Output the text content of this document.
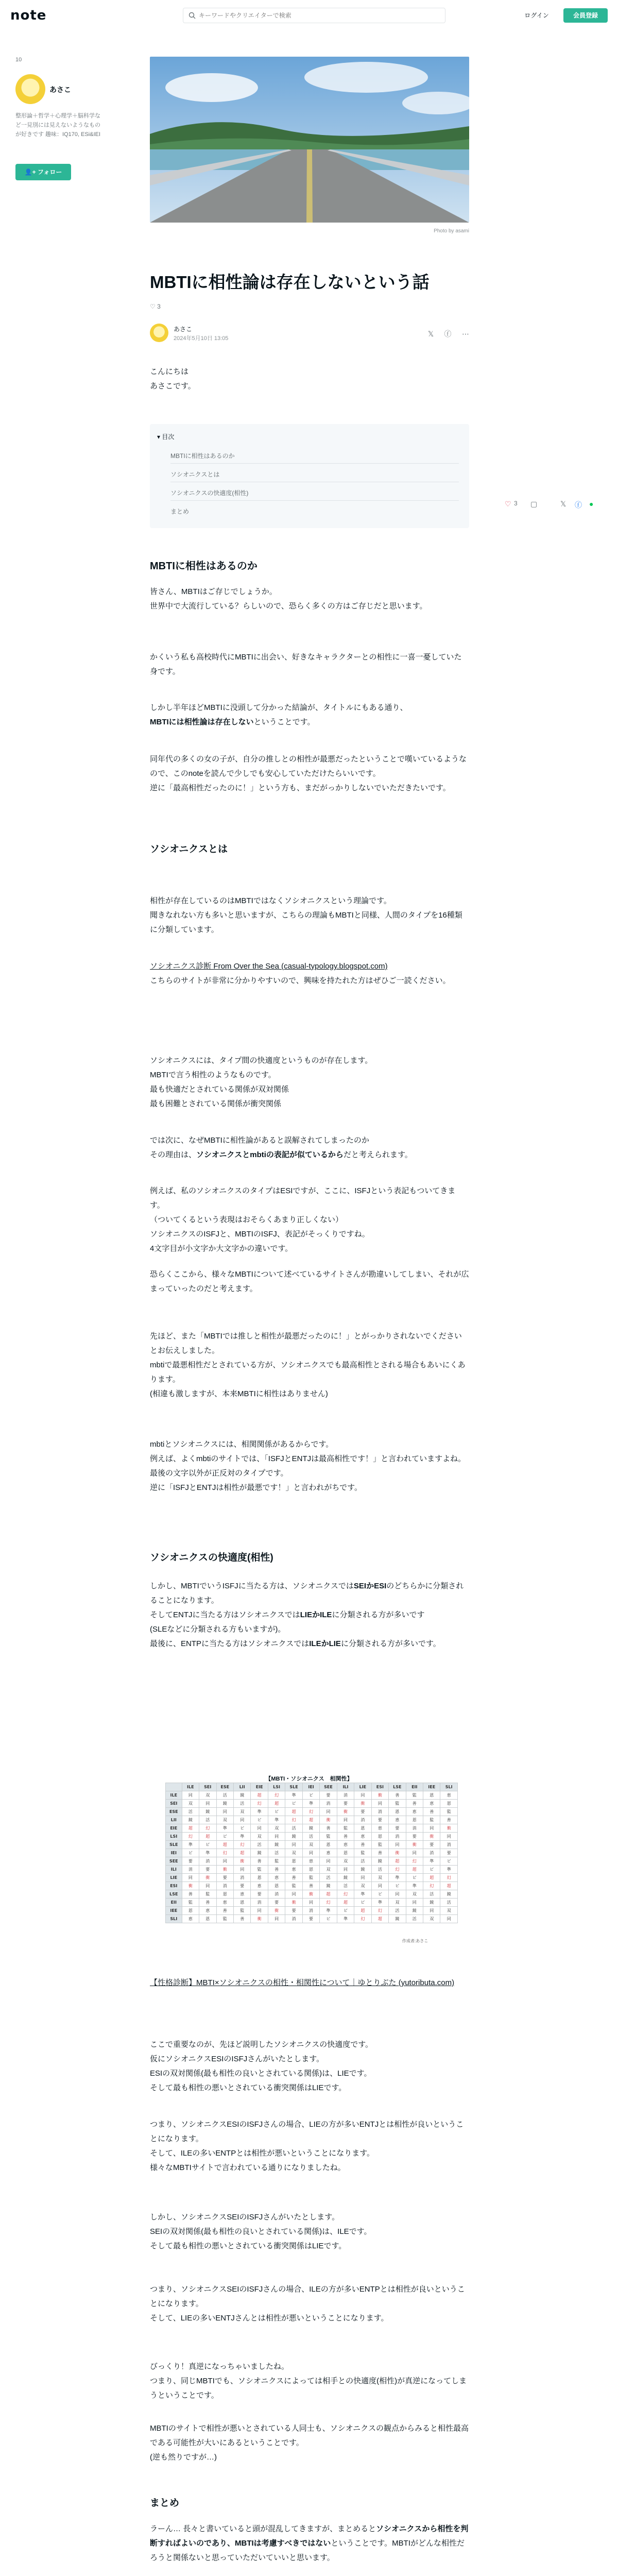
note
キーワードやクリエイターで検索	ログイン	会員登録
10
あさこ
整形論＋哲学＋心理学＋脳科学など一見別には見えないようなものが好きです 趣味：IQ170, ESi&IEI
👤+ フォロー
Photo by asami
MBTIに相性論は存在しないという話
♡ 3
あさこ
2024年5月10日 13:05
𝕏 ⓕ ⋯
こんにちは
あさこです。
▾ 目次
MBTIに相性はあるのか
ソシオニクスとは
ソシオニクスの快適度(相性)
まとめ
♡ 3 ▢	𝕏 ⓕ ●
MBTIに相性はあるのか
皆さん、MBTIはご存じでしょうか。
世界中で大流行している？らしいので、恐らく多くの方はご存じだと思います。
かくいう私も高校時代にMBTIに出会い、好きなキャラクターとの相性に一喜一憂していた身です。
しかし半年ほどMBTIに没頭して分かった結論が、タイトルにもある通り、
MBTIには相性論は存在しないということです。
同年代の多くの女の子が、自分の推しとの相性が最悪だったということで嘆いているようなので、このnoteを読んで少しでも安心していただけたらいいです。
逆に「最高相性だったのに！」という方も、まだがっかりしないでいただきたいです。
ソシオニクスとは
相性が存在しているのはMBTIではなくソシオニクスという理論です。
聞きなれない方も多いと思いますが、こちらの理論もMBTIと同様、人間のタイプを16種類に分類しています。
ソシオニクス診断 From Over the Sea (casual-typology.blogspot.com)
こちらのサイトが非常に分かりやすいので、興味を持たれた方はぜひご一読ください。
ソシオニクスには、タイプ間の快適度というものが存在します。
MBTIで言う相性のようなものです。
最も快適だとされている関係が双対関係
最も困難とされている関係が衝突関係
では次に、なぜMBTIに相性論があると誤解されてしまったのか
その理由は、ソシオニクスとmbtiの表記が似ているからだと考えられます。
例えば、私のソシオニクスのタイプはESIですが、ここに、ISFJという表記もついてきます。
（ついてくるという表現はおそらくあまり正しくない）
ソシオニクスのISFJと、MBTIのISFJ、表記がそっくりですね。
4文字目が小文字か大文字かの違いです。
恐らくここから、様々なMBTIについて述べているサイトさんが勘違いしてしまい、それが広まっていったのだと考えます。
先ほど、また「MBTIでは推しと相性が最悪だったのに！」とがっかりされないでくださいとお伝えしました。
mbtiで最悪相性だとされている方が、ソシオニクスでも最高相性とされる場合もあいにくあります。
(相違も激しますが、本来MBTIに相性はありません)
mbtiとソシオニクスには、相関関係があるからです。
例えば、よくmbtiのサイトでは、「ISFJとENTJは最高相性です！」と言われていますよね。最後の文字以外が正反対のタイプです。
逆に「ISFJとENTJは相性が最悪です！」と言われがちです。
ソシオニクスの快適度(相性)
しかし、MBTIでいうISFJに当たる方は、ソシオニクスではSEIかESIのどちらかに分類されることになります。
そしてENTJに当たる方はソシオニクスではLIEかILEに分類される方が多いです
(SLEなどに分類される方もいますが)。
最後に、ENTPに当たる方はソシオニクスではILEかLIEに分類される方が多いです。
【MBTI・ソシオニクス　相関性】
	ILE	SEI	ESE	LII	EIE	LSI	SLE	IEI	SEE	ILI	LIE	ESI	LSE	EII	IEE	SLI
ILE	同	双	活	鏡	超	幻	準	ビ	要	消	同	衝	善	監	恩	恵
SEI	双	同	鏡	活	幻	超	ビ	準	消	要	衝	同	監	善	恵	恩
ESE	活	鏡	同	双	準	ビ	超	幻	同	衝	要	消	恩	恵	善	監
LII	鏡	活	双	同	ビ	準	幻	超	衝	同	消	要	恵	恩	監	善
EIE	超	幻	準	ビ	同	双	活	鏡	善	監	恩	恵	要	消	同	衝
LSI	幻	超	ビ	準	双	同	鏡	活	監	善	恵	恩	消	要	衝	同
SLE	準	ビ	超	幻	活	鏡	同	双	恩	恵	善	監	同	衝	要	消
IEI	ビ	準	幻	超	鏡	活	双	同	恵	恩	監	善	衝	同	消	要
SEE	要	消	同	衝	善	監	恩	恵	同	双	活	鏡	超	幻	準	ビ
ILI	消	要	衝	同	監	善	恵	恩	双	同	鏡	活	幻	超	ビ	準
LIE	同	衝	要	消	恩	恵	善	監	活	鏡	同	双	準	ビ	超	幻
ESI	衝	同	消	要	恵	恩	監	善	鏡	活	双	同	ビ	準	幻	超
LSE	善	監	恩	恵	要	消	同	衝	超	幻	準	ビ	同	双	活	鏡
EII	監	善	恵	恩	消	要	衝	同	幻	超	ビ	準	双	同	鏡	活
IEE	恩	恵	善	監	同	衝	要	消	準	ビ	超	幻	活	鏡	同	双
SLI	恵	恩	監	善	衝	同	消	要	ビ	準	幻	超	鏡	活	双	同
作成者:あさこ
【性格診断】MBTI×ソシオニクスの相性・相関性について｜ゆとりぶた (yutoributa.com)
ここで重要なのが、先ほど説明したソシオニクスの快適度です。
仮にソシオニクスESIのISFJさんがいたとします。
ESIの双対関係(最も相性の良いとされている関係)は、LIEです。
そして最も相性の悪いとされている衝突関係はLIEです。
つまり、ソシオニクスESIのISFJさんの場合、LIEの方が多いENTJとは相性が良いということになります。
そして、ILEの多いENTPとは相性が悪いということになります。
様々なMBTIサイトで言われている通りになりましたね。
しかし、ソシオニクスSEIのISFJさんがいたとします。
SEIの双対関係(最も相性の良いとされている関係)は、ILEです。
そして最も相性の悪いとされている衝突関係はLIEです。
つまり、ソシオニクスSEIのISFJさんの場合、ILEの方が多いENTPとは相性が良いということになります。
そして、LIEの多いENTJさんとは相性が悪いということになります。
びっくり！真逆になっちゃいましたね。
つまり、同じMBTIでも、ソシオニクスによっては相手との快適度(相性)が真逆になってしまうということです。
MBTIのサイトで相性が悪いとされている人同士も、ソシオニクスの観点からみると相性最高である可能性が大いにあるということです。
(逆も然りですが…)
まとめ
ラーん… 長々と書いていると頭が混乱してきますが、まとめるとソシオニクスから相性を判断すればよいのであり、MBTIは考慮すべきではないということです。MBTIがどんな相性だろうと関係ないと思っていただいていいと思います。
